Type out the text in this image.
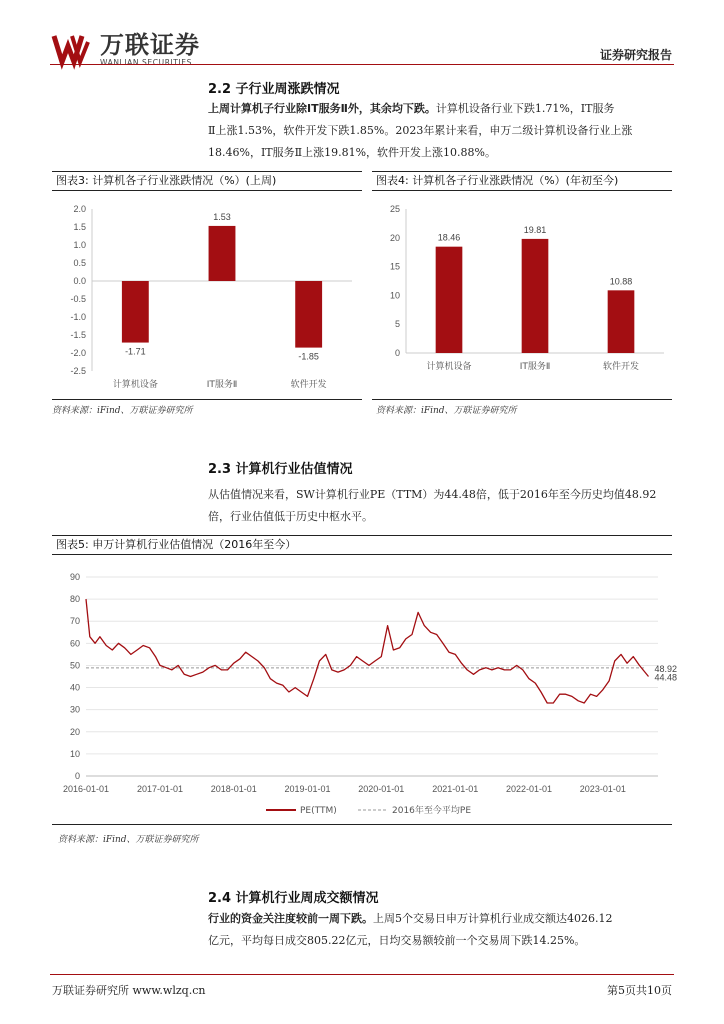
万联证券
WANLIAN SECURITIES
证券研究报告
2.2 子行业周涨跌情况
上周计算机子行业除IT服务Ⅱ外，其余均下跌。计算机设备行业下跌1.71%，IT服务
Ⅱ上涨1.53%，软件开发下跌1.85%。2023年累计来看，申万二级计算机设备行业上涨
18.46%，IT服务Ⅱ上涨19.81%，软件开发上涨10.88%。
图表3: 计算机各子行业涨跌情况（%）(上周)
2.0
1.5
1.0
0.5
0.0
-0.5
-1.0
-1.5
-2.0
-2.5
-1.71
计算机设备
1.53
IT服务Ⅱ
-1.85
软件开发
资料来源：iFind、万联证券研究所
图表4: 计算机各子行业涨跌情况（%）(年初至今)
25
20
15
10
5
0
18.46
计算机设备
19.81
IT服务Ⅱ
10.88
软件开发
资料来源：iFind、万联证券研究所
2.3 计算机行业估值情况
从估值情况来看，SW计算机行业PE（TTM）为44.48倍，低于2016年至今历史均值48.92
倍，行业估值低于历史中枢水平。
图表5: 申万计算机行业估值情况（2016年至今）
90
80
70
60
50
40
30
20
10
0
2016-01-01	2017-01-01	2018-01-01	2019-01-01	2020-01-01	2021-01-01	2022-01-01	2023-01-01
48.92
44.48
PE(TTM)	2016年至今平均PE
资料来源：iFind、万联证券研究所
2.4 计算机行业周成交额情况
行业的资金关注度较前一周下跌。上周5个交易日申万计算机行业成交额达4026.12
亿元，平均每日成交805.22亿元，日均交易额较前一个交易周下跌14.25%。
万联证券研究所 www.wlzq.cn	第5页共10页
